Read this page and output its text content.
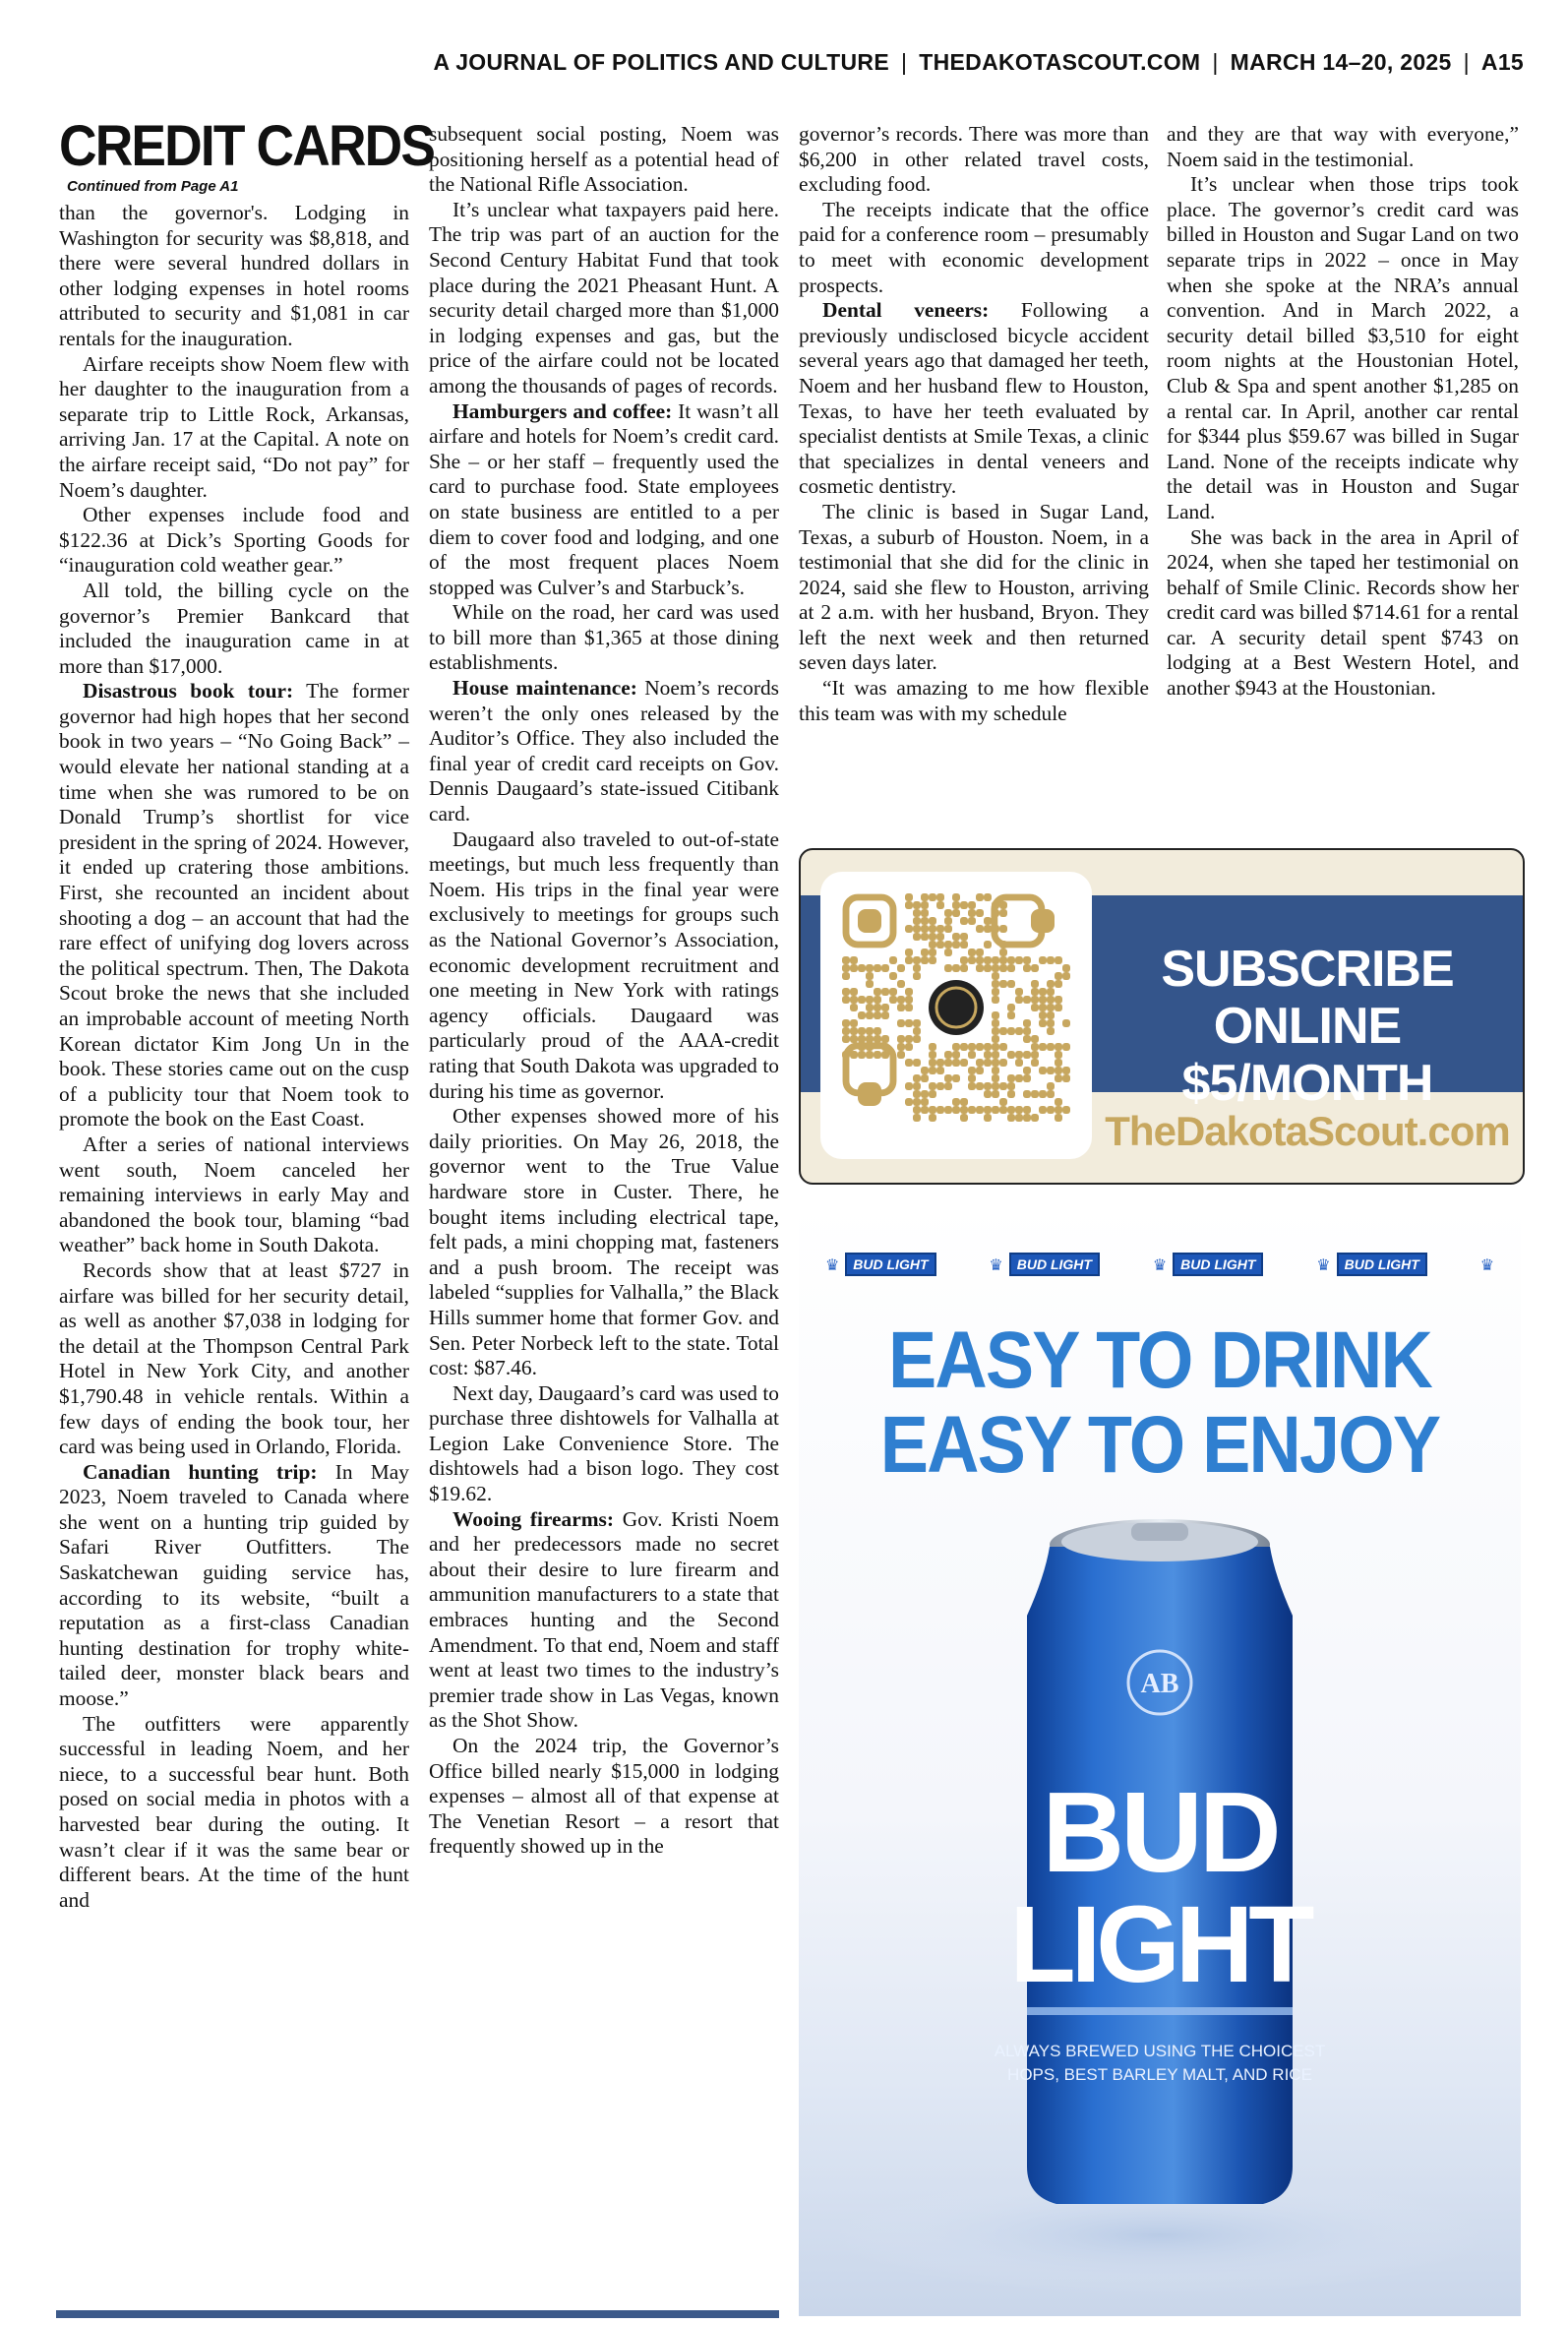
A JOURNAL OF POLITICS AND CULTURE | THEDAKOTASCOUT.COM | MARCH 14–20, 2025 | A15
CREDIT CARDS
Continued from Page A1

than the governor's. Lodging in Washington for security was $8,818, and there were several hundred dollars in other lodging expenses in hotel rooms attributed to security and $1,081 in car rentals for the inauguration.

Airfare receipts show Noem flew with her daughter to the inauguration from a separate trip to Little Rock, Arkansas, arriving Jan. 17 at the Capital. A note on the airfare receipt said, “Do not pay” for Noem’s daughter.

Other expenses include food and $122.36 at Dick’s Sporting Goods for “inauguration cold weather gear.”

All told, the billing cycle on the governor’s Premier Bankcard that included the inauguration came in at more than $17,000.

Disastrous book tour: The former governor had high hopes that her second book in two years – “No Going Back” – would elevate her national standing at a time when she was rumored to be on Donald Trump’s shortlist for vice president in the spring of 2024. However, it ended up cratering those ambitions. First, she recounted an incident about shooting a dog – an account that had the rare effect of unifying dog lovers across the political spectrum. Then, The Dakota Scout broke the news that she included an improbable account of meeting North Korean dictator Kim Jong Un in the book. These stories came out on the cusp of a publicity tour that Noem took to promote the book on the East Coast.

After a series of national interviews went south, Noem canceled her remaining interviews in early May and abandoned the book tour, blaming “bad weather” back home in South Dakota.

Records show that at least $727 in airfare was billed for her security detail, as well as another $7,038 in lodging for the detail at the Thompson Central Park Hotel in New York City, and another $1,790.48 in vehicle rentals. Within a few days of ending the book tour, her card was being used in Orlando, Florida.

Canadian hunting trip: In May 2023, Noem traveled to Canada where she went on a hunting trip guided by Safari River Outfitters. The Saskatchewan guiding service has, according to its website, “built a reputation as a first-class Canadian hunting destination for trophy white-tailed deer, monster black bears and moose.”

The outfitters were apparently successful in leading Noem, and her niece, to a successful bear hunt. Both posed on social media in photos with a harvested bear during the outing. It wasn’t clear if it was the same bear or different bears. At the time of the hunt and

subsequent social posting, Noem was positioning herself as a potential head of the National Rifle Association.

It’s unclear what taxpayers paid here. The trip was part of an auction for the Second Century Habitat Fund that took place during the 2021 Pheasant Hunt. A security detail charged more than $1,000 in lodging expenses and gas, but the price of the airfare could not be located among the thousands of pages of records.

Hamburgers and coffee: It wasn’t all airfare and hotels for Noem’s credit card. She – or her staff – frequently used the card to purchase food. State employees on state business are entitled to a per diem to cover food and lodging, and one of the most frequent places Noem stopped was Culver’s and Starbuck’s.

While on the road, her card was used to bill more than $1,365 at those dining establishments.

House maintenance: Noem’s records weren’t the only ones released by the Auditor’s Office. They also included the final year of credit card receipts on Gov. Dennis Daugaard’s state-issued Citibank card.

Daugaard also traveled to out-of-state meetings, but much less frequently than Noem. His trips in the final year were exclusively to meetings for groups such as the National Governor’s Association, economic development recruitment and one meeting in New York with ratings agency officials. Daugaard was particularly proud of the AAA-credit rating that South Dakota was upgraded to during his time as governor.

Other expenses showed more of his daily priorities. On May 26, 2018, the governor went to the True Value hardware store in Custer. There, he bought items including electrical tape, felt pads, a mini chopping mat, fasteners and a push broom. The receipt was labeled “supplies for Valhalla,” the Black Hills summer home that former Gov. and Sen. Peter Norbeck left to the state. Total cost: $87.46.

Next day, Daugaard’s card was used to purchase three dishtowels for Valhalla at Legion Lake Convenience Store. The dishtowels had a bison logo. They cost $19.62.

Wooing firearms: Gov. Kristi Noem and her predecessors made no secret about their desire to lure firearm and ammunition manufacturers to a state that embraces hunting and the Second Amendment. To that end, Noem and staff went at least two times to the industry’s premier trade show in Las Vegas, known as the Shot Show.

On the 2024 trip, the Governor’s Office billed nearly $15,000 in lodging expenses – almost all of that expense at The Venetian Resort – a resort that frequently showed up in the

governor’s records. There was more than $6,200 in other related travel costs, excluding food.

The receipts indicate that the office paid for a conference room – presumably to meet with economic development prospects.

Dental veneers: Following a previously undisclosed bicycle accident several years ago that damaged her teeth, Noem and her husband flew to Houston, Texas, to have her teeth evaluated by specialist dentists at Smile Texas, a clinic that specializes in dental veneers and cosmetic dentistry.

The clinic is based in Sugar Land, Texas, a suburb of Houston. Noem, in a testimonial that she did for the clinic in 2024, said she flew to Houston, arriving at 2 a.m. with her husband, Bryon. They left the next week and then returned seven days later.

“It was amazing to me how flexible this team was with my schedule

and they are that way with everyone,” Noem said in the testimonial.

It’s unclear when those trips took place. The governor’s credit card was billed in Houston and Sugar Land on two separate trips in 2022 – once in May when she spoke at the NRA’s annual convention. And in March 2022, a security detail billed $3,510 for eight room nights at the Houstonian Hotel, Club & Spa and spent another $1,285 on a rental car. In April, another car rental for $344 plus $59.67 was billed in Sugar Land. None of the receipts indicate why the detail was in Houston and Sugar Land.

She was back in the area in April of 2024, when she taped her testimonial on behalf of Smile Clinic. Records show her credit card was billed $714.61 for a rental car. A security detail spent $743 on lodging at a Best Western Hotel, and another $943 at the Houstonian.

SUBSCRIBE ONLINE
$5/MONTH
TheDakotaScout.com
♛	BUD LIGHT	♛	BUD LIGHT	♛	BUD LIGHT	♛	BUD LIGHT	♛
EASY TO DRINK
EASY TO ENJOY
AB
BUD
LIGHT
ALWAYS BREWED USING THE CHOICEST
HOPS, BEST BARLEY MALT, AND RICE
